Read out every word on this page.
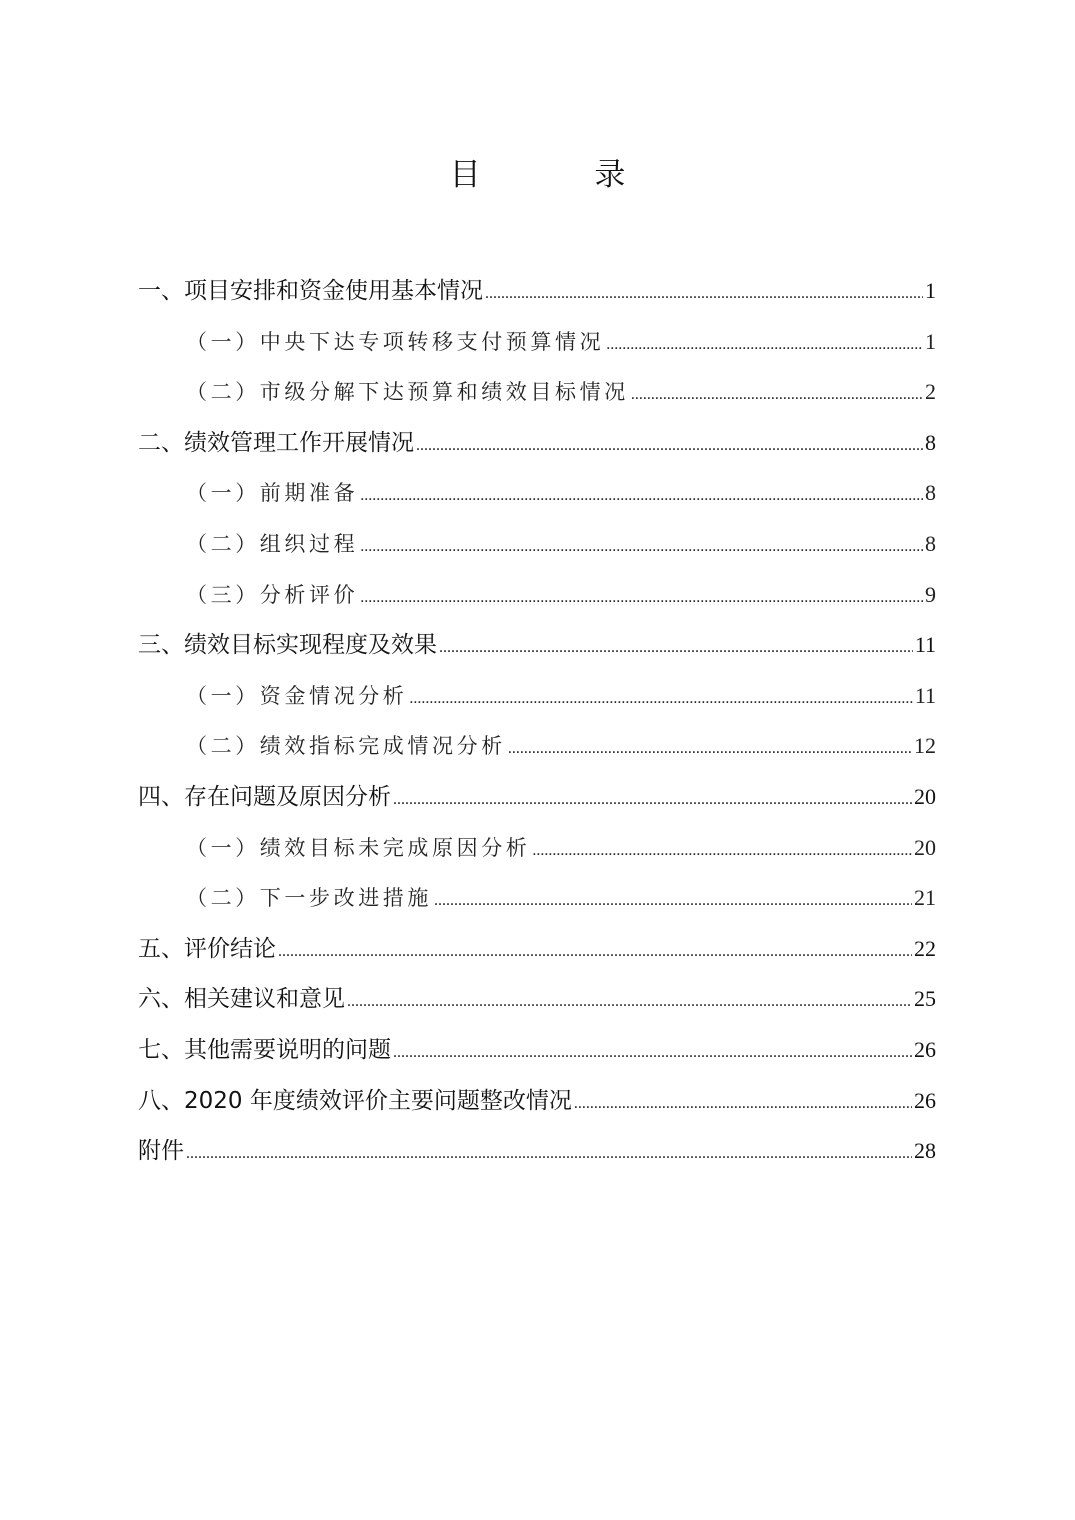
目 录
一、项目安排和资金使用基本情况 .....	1
（一）中央下达专项转移支付预算情况 .....	1
（二）市级分解下达预算和绩效目标情况 .....	2
二、绩效管理工作开展情况 .....	8
（一）前期准备 .....	8
（二）组织过程 .....	8
（三）分析评价 .....	9
三、绩效目标实现程度及效果 .....	11
（一）资金情况分析 .....	11
（二）绩效指标完成情况分析 .....	12
四、存在问题及原因分析 .....	20
（一）绩效目标未完成原因分析 .....	20
（二）下一步改进措施 .....	21
五、评价结论 .....	22
六、相关建议和意见 .....	25
七、其他需要说明的问题 .....	26
八、2020 年度绩效评价主要问题整改情况 .....	26
附件 .....	28
